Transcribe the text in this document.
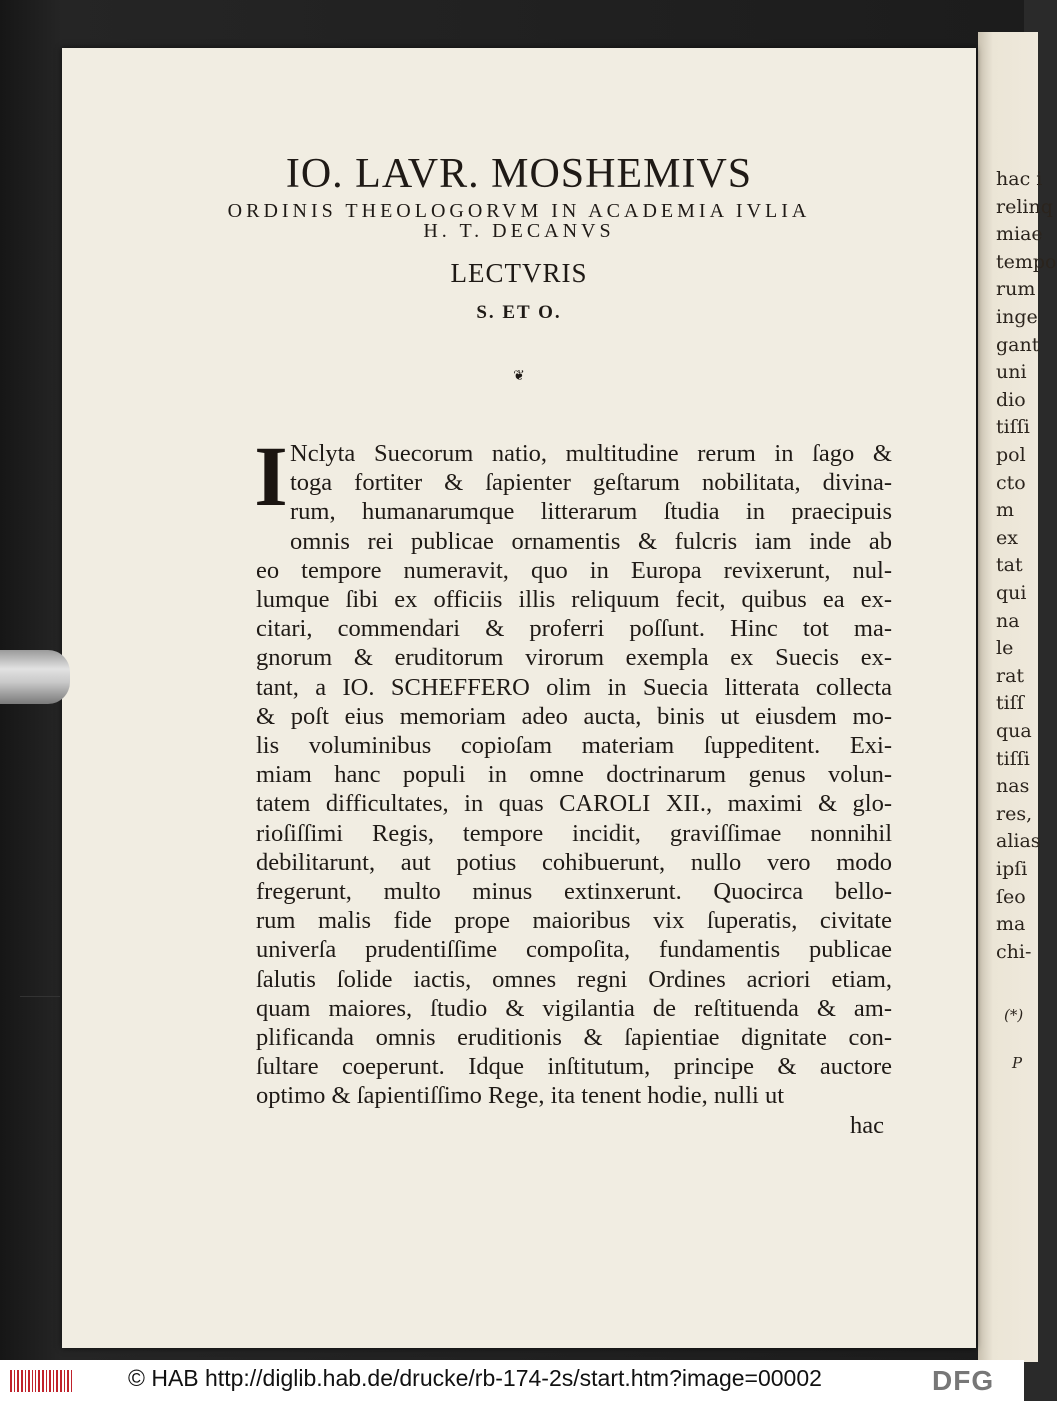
IO. LAVR. MOSHEMIVS
ORDINIS THEOLOGORVM IN ACADEMIA IVLIA
H. T. DECANVS
LECTVRIS
S. ET O.
❦
I Nclyta Suecorum natio, multitudine rerum in ſago &
toga fortiter & ſapienter geſtarum nobilitata, divina-
rum, humanarumque litterarum ſtudia in praecipuis
omnis rei publicae ornamentis & fulcris iam inde ab
eo tempore numeravit, quo in Europa revixerunt, nul-
lumque ſibi ex officiis illis reliquum fecit, quibus ea ex-
citari, commendari & proferri poſſunt. Hinc tot ma-
gnorum & eruditorum virorum exempla ex Suecis ex-
tant, a IO. SCHEFFERO olim in Suecia litterata collecta
& poſt eius memoriam adeo aucta, binis ut eiusdem mo-
lis voluminibus copioſam materiam ſuppeditent. Exi-
miam hanc populi in omne doctrinarum genus volun-
tatem difficultates, in quas CAROLI XII., maximi & glo-
rioſiſſimi Regis, tempore incidit, graviſſimae nonnihil
debilitarunt, aut potius cohibuerunt, nullo vero modo
fregerunt, multo minus extinxerunt. Quocirca bello-
rum malis fide prope maioribus vix ſuperatis, civitate
univerſa prudentiſſime compoſita, fundamentis publicae
ſalutis ſolide iactis, omnes regni Ordines acriori etiam,
quam maiores, ſtudio & vigilantia de reſtituenda & am-
plificanda omnis eruditionis & ſapientiae dignitate con-
ſultare coeperunt. Idque inſtitutum, principe & auctore
optimo & ſapientiſſimo Rege, ita tenent hodie, nulli ut
hac
hac i
relinq
miae
tempo
rum
inge
gant
uni
dio
tiſſi
pol
cto
m
ex
tat
qui
na
le
rat
tiſſ
qua
tiſſi
nas
res,
alias
ipſi
ſeo
ma
chi-
(*)
P
© HAB http://diglib.hab.de/drucke/rb-174-2s/start.htm?image=00002	DFG
